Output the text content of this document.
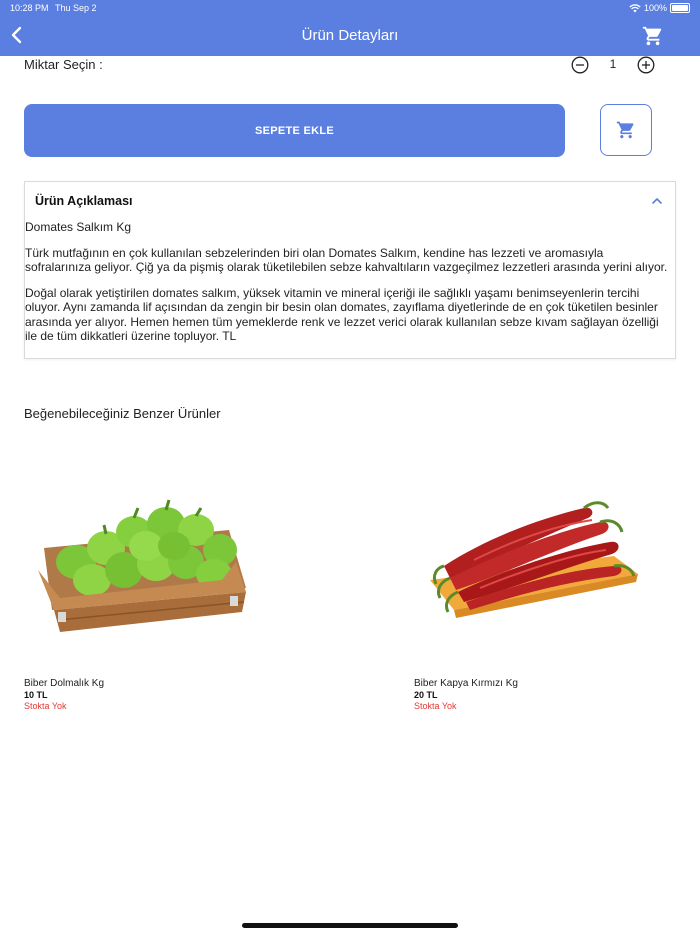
10:28 PM Thu Sep 2	100%
Ürün Detayları
Miktar Seçin :	1
SEPETE EKLE
Ürün Açıklaması

Domates Salkım Kg

Türk mutfağının en çok kullanılan sebzelerinden biri olan Domates Salkım, kendine has lezzeti ve aromasıyla sofralarınıza geliyor. Çiğ ya da pişmiş olarak tüketilebilen sebze kahvaltıların vazgeçilmez lezzetleri arasında yerini alıyor.

Doğal olarak yetiştirilen domates salkım, yüksek vitamin ve mineral içeriği ile sağlıklı yaşamı benimseyenlerin tercihi oluyor. Aynı zamanda lif açısından da zengin bir besin olan domates, zayıflama diyetlerinde de en çok tüketilen besinler arasında yer alıyor. Hemen hemen tüm yemeklerde renk ve lezzet verici olarak kullanılan sebze kıvam sağlayan özelliği ile de tüm dikkatleri üzerine topluyor. TL

Beğenebileceğiniz Benzer Ürünler
Biber Dolmalık Kg
10 TL
Stokta Yok
Biber Kapya Kırmızı Kg
20 TL
Stokta Yok
